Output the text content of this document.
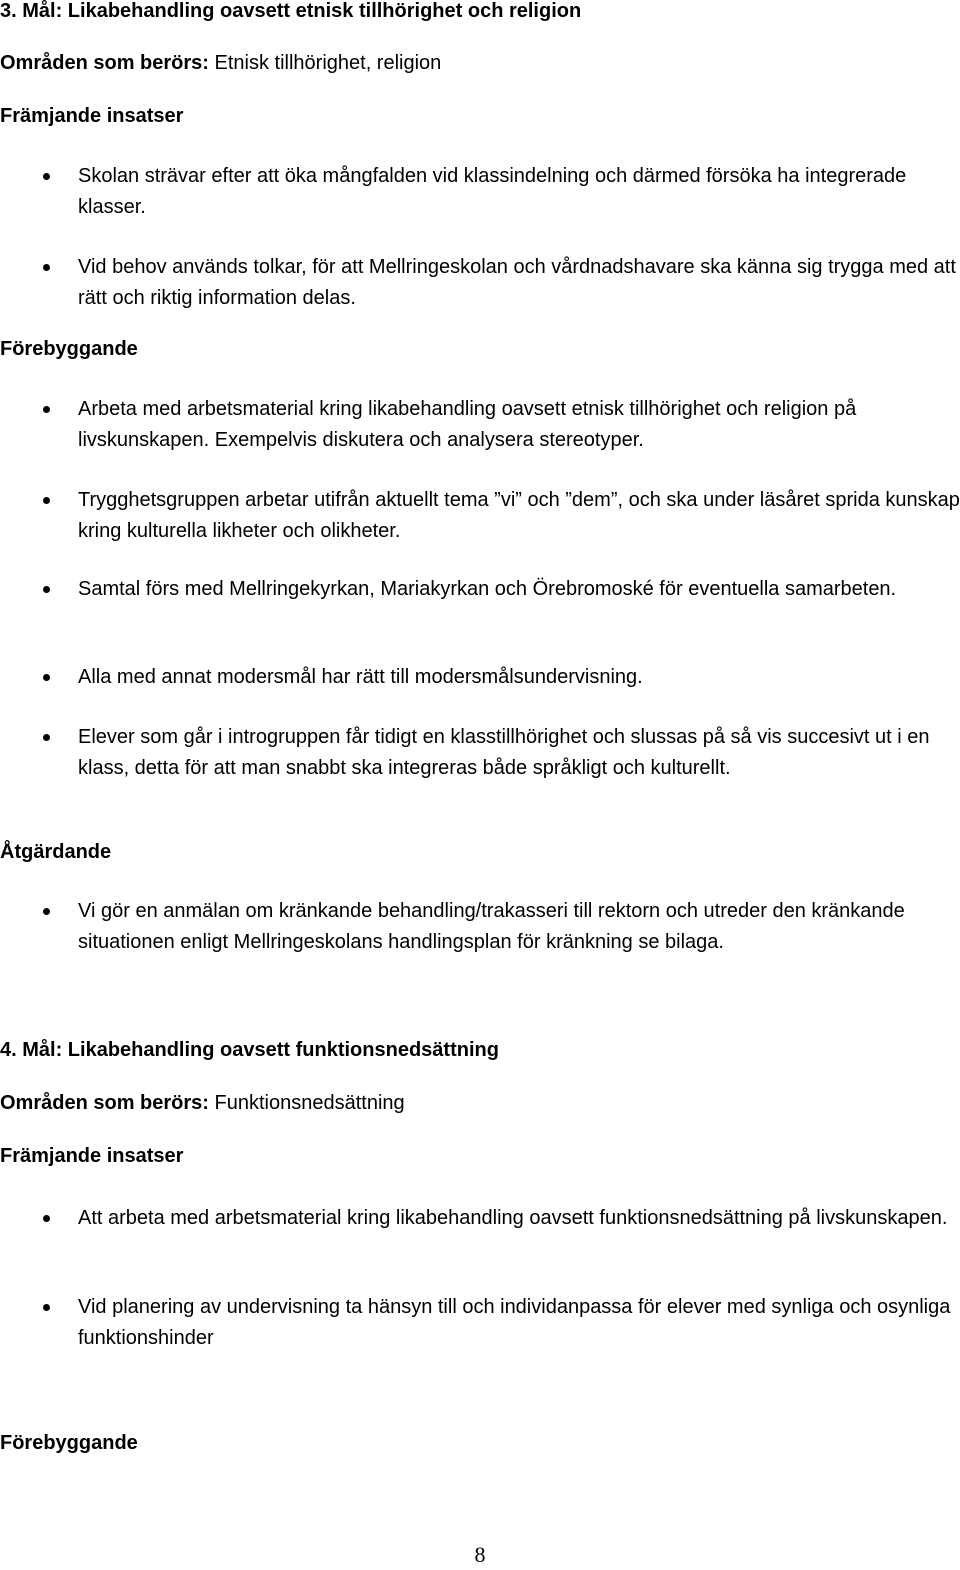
3. Mål: Likabehandling oavsett etnisk tillhörighet och religion
Områden som berörs: Etnisk tillhörighet, religion
Främjande insatser
Skolan strävar efter att öka mångfalden vid klassindelning och därmed försöka ha integrerade klasser.
Vid behov används tolkar, för att Mellringeskolan och vårdnadshavare ska känna sig trygga med att rätt och riktig information delas.
Förebyggande
Arbeta med arbetsmaterial kring likabehandling oavsett etnisk tillhörighet och religion på livskunskapen. Exempelvis diskutera och analysera stereotyper.
Trygghetsgruppen arbetar utifrån aktuellt tema ”vi” och ”dem”, och ska under läsåret sprida kunskap kring kulturella likheter och olikheter.
Samtal förs med Mellringekyrkan, Mariakyrkan och Örebromoské för eventuella samarbeten.
Alla med annat modersmål har rätt till modersmålsundervisning.
Elever som går i introgruppen får tidigt en klasstillhörighet och slussas på så vis succesivt ut i en klass, detta för att man snabbt ska integreras både språkligt och kulturellt.
Åtgärdande
Vi gör en anmälan om kränkande behandling/trakasseri till rektorn och utreder den kränkande situationen enligt Mellringeskolans handlingsplan för kränkning se bilaga.
4. Mål: Likabehandling oavsett funktionsnedsättning
Områden som berörs: Funktionsnedsättning
Främjande insatser
Att arbeta med arbetsmaterial kring likabehandling oavsett funktionsnedsättning på livskunskapen.
Vid planering av undervisning ta hänsyn till och individanpassa för elever med synliga och osynliga funktionshinder
Förebyggande
8
